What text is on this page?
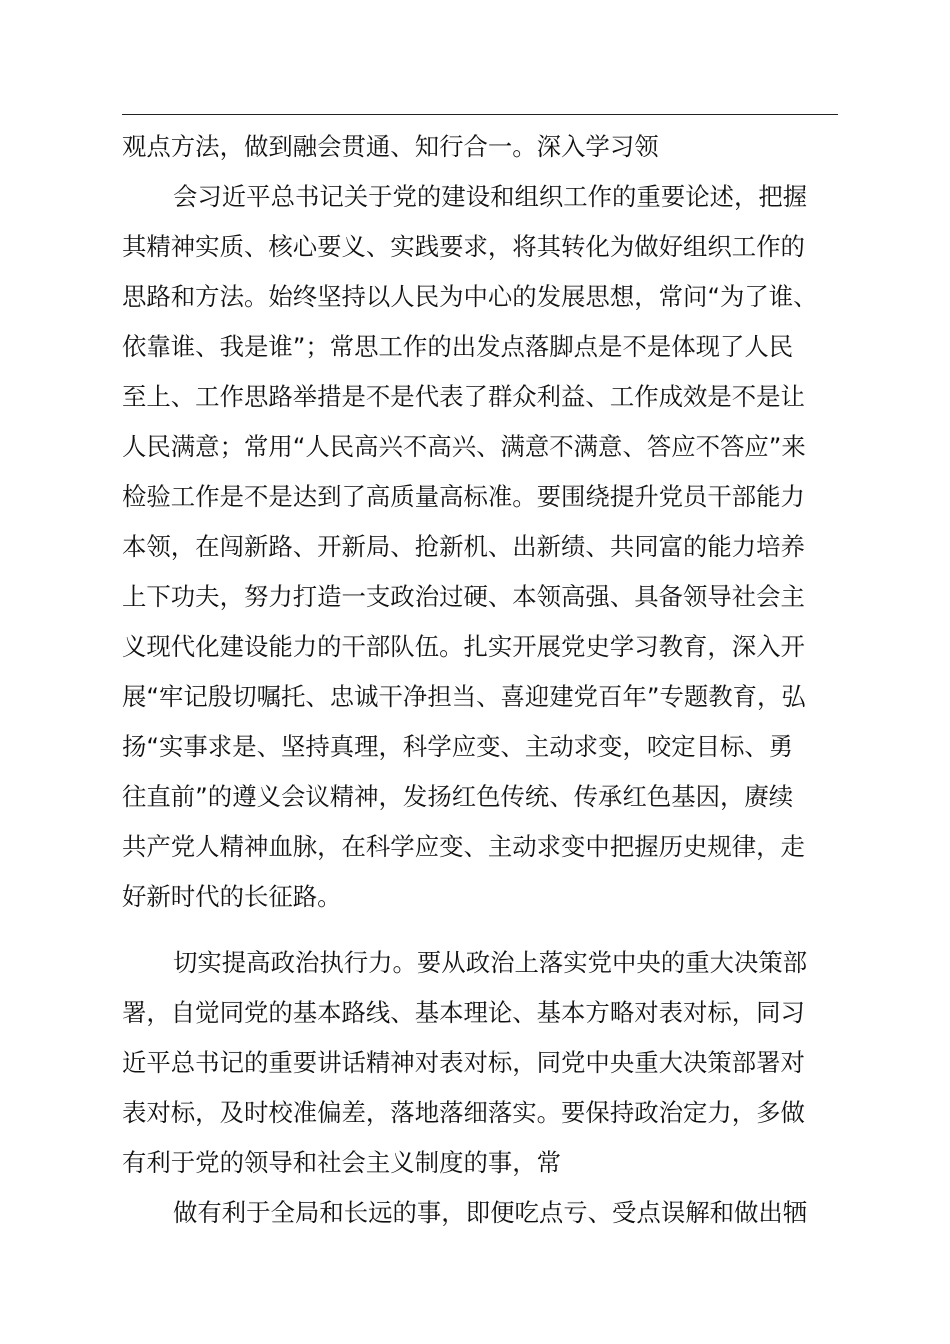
观点方法，做到融会贯通、知行合一。深入学习领
会习近平总书记关于党的建设和组织工作的重要论述，把握
其精神实质、核心要义、实践要求，将其转化为做好组织工作的
思路和方法。始终坚持以人民为中心的发展思想，常问“为了谁、
依靠谁、我是谁”；常思工作的出发点落脚点是不是体现了人民
至上、工作思路举措是不是代表了群众利益、工作成效是不是让
人民满意；常用“人民高兴不高兴、满意不满意、答应不答应”来
检验工作是不是达到了高质量高标准。要围绕提升党员干部能力
本领，在闯新路、开新局、抢新机、出新绩、共同富的能力培养
上下功夫，努力打造一支政治过硬、本领高强、具备领导社会主
义现代化建设能力的干部队伍。扎实开展党史学习教育，深入开
展“牢记殷切嘱托、忠诚干净担当、喜迎建党百年”专题教育，弘
扬“实事求是、坚持真理，科学应变、主动求变，咬定目标、勇
往直前”的遵义会议精神，发扬红色传统、传承红色基因，赓续
共产党人精神血脉，在科学应变、主动求变中把握历史规律，走
好新时代的长征路。
切实提高政治执行力。要从政治上落实党中央的重大决策部
署，自觉同党的基本路线、基本理论、基本方略对表对标，同习
近平总书记的重要讲话精神对表对标，同党中央重大决策部署对
表对标，及时校准偏差，落地落细落实。要保持政治定力，多做
有利于党的领导和社会主义制度的事，常
做有利于全局和长远的事，即便吃点亏、受点误解和做出牺
